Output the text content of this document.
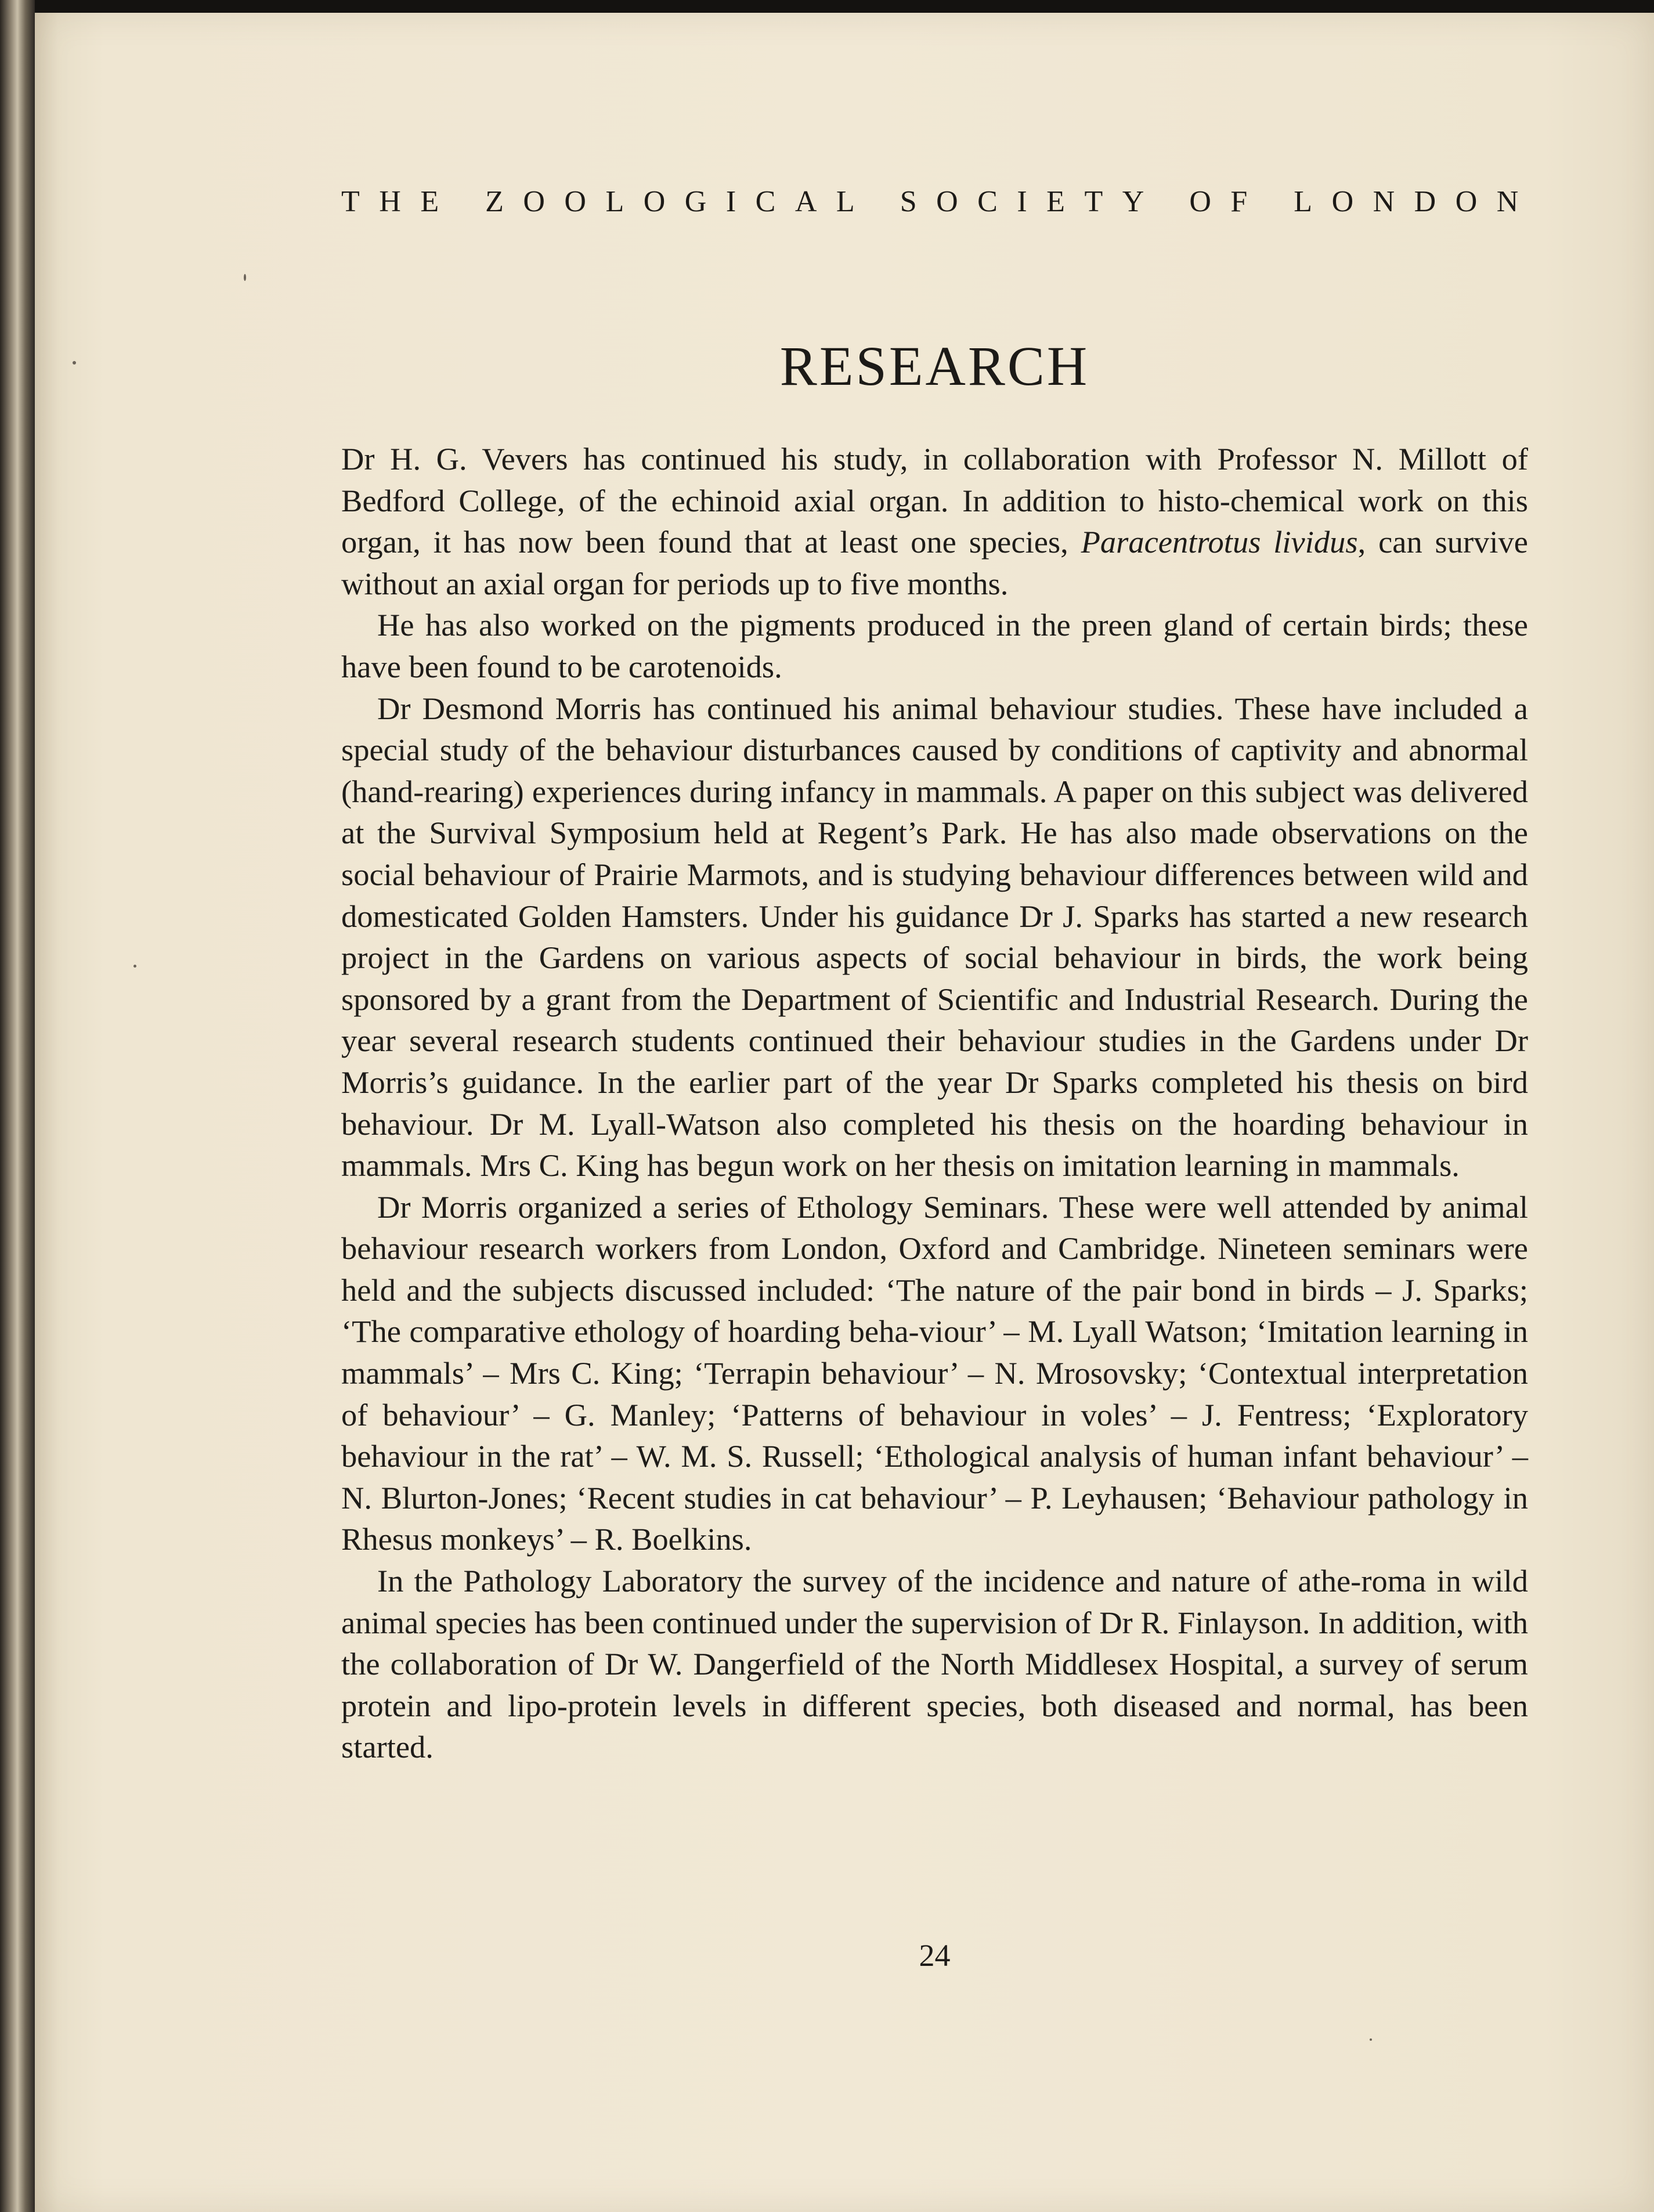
THE ZOOLOGICAL SOCIETY OF LONDON
RESEARCH

Dr H. G. Vevers has continued his study, in collaboration with Professor N. Millott of Bedford College, of the echinoid axial organ. In addition to histo-chemical work on this organ, it has now been found that at least one species, Paracentrotus lividus, can survive without an axial organ for periods up to five months.

He has also worked on the pigments produced in the preen gland of certain birds; these have been found to be carotenoids.

Dr Desmond Morris has continued his animal behaviour studies. These have included a special study of the behaviour disturbances caused by conditions of captivity and abnormal (hand-rearing) experiences during infancy in mammals. A paper on this subject was delivered at the Survival Symposium held at Regent’s Park. He has also made observations on the social behaviour of Prairie Marmots, and is studying behaviour differences between wild and domesticated Golden Hamsters. Under his guidance Dr J. Sparks has started a new research project in the Gardens on various aspects of social behaviour in birds, the work being sponsored by a grant from the Department of Scientific and Industrial Research. During the year several research students continued their behaviour studies in the Gardens under Dr Morris’s guidance. In the earlier part of the year Dr Sparks completed his thesis on bird behaviour. Dr M. Lyall-Watson also completed his thesis on the hoarding behaviour in mammals. Mrs C. King has begun work on her thesis on imitation learning in mammals.

Dr Morris organized a series of Ethology Seminars. These were well attended by animal behaviour research workers from London, Oxford and Cambridge. Nineteen seminars were held and the subjects discussed included: ‘The nature of the pair bond in birds – J. Sparks; ‘The comparative ethology of hoarding beha-viour’ – M. Lyall Watson; ‘Imitation learning in mammals’ – Mrs C. King; ‘Terrapin behaviour’ – N. Mrosovsky; ‘Contextual interpretation of behaviour’ – G. Manley; ‘Patterns of behaviour in voles’ – J. Fentress; ‘Exploratory behaviour in the rat’ – W. M. S. Russell; ‘Ethological analysis of human infant behaviour’ – N. Blurton-Jones; ‘Recent studies in cat behaviour’ – P. Leyhausen; ‘Behaviour pathology in Rhesus monkeys’ – R. Boelkins.

In the Pathology Laboratory the survey of the incidence and nature of athe-roma in wild animal species has been continued under the supervision of Dr R. Finlayson. In addition, with the collaboration of Dr W. Dangerfield of the North Middlesex Hospital, a survey of serum protein and lipo-protein levels in different species, both diseased and normal, has been started.

24
